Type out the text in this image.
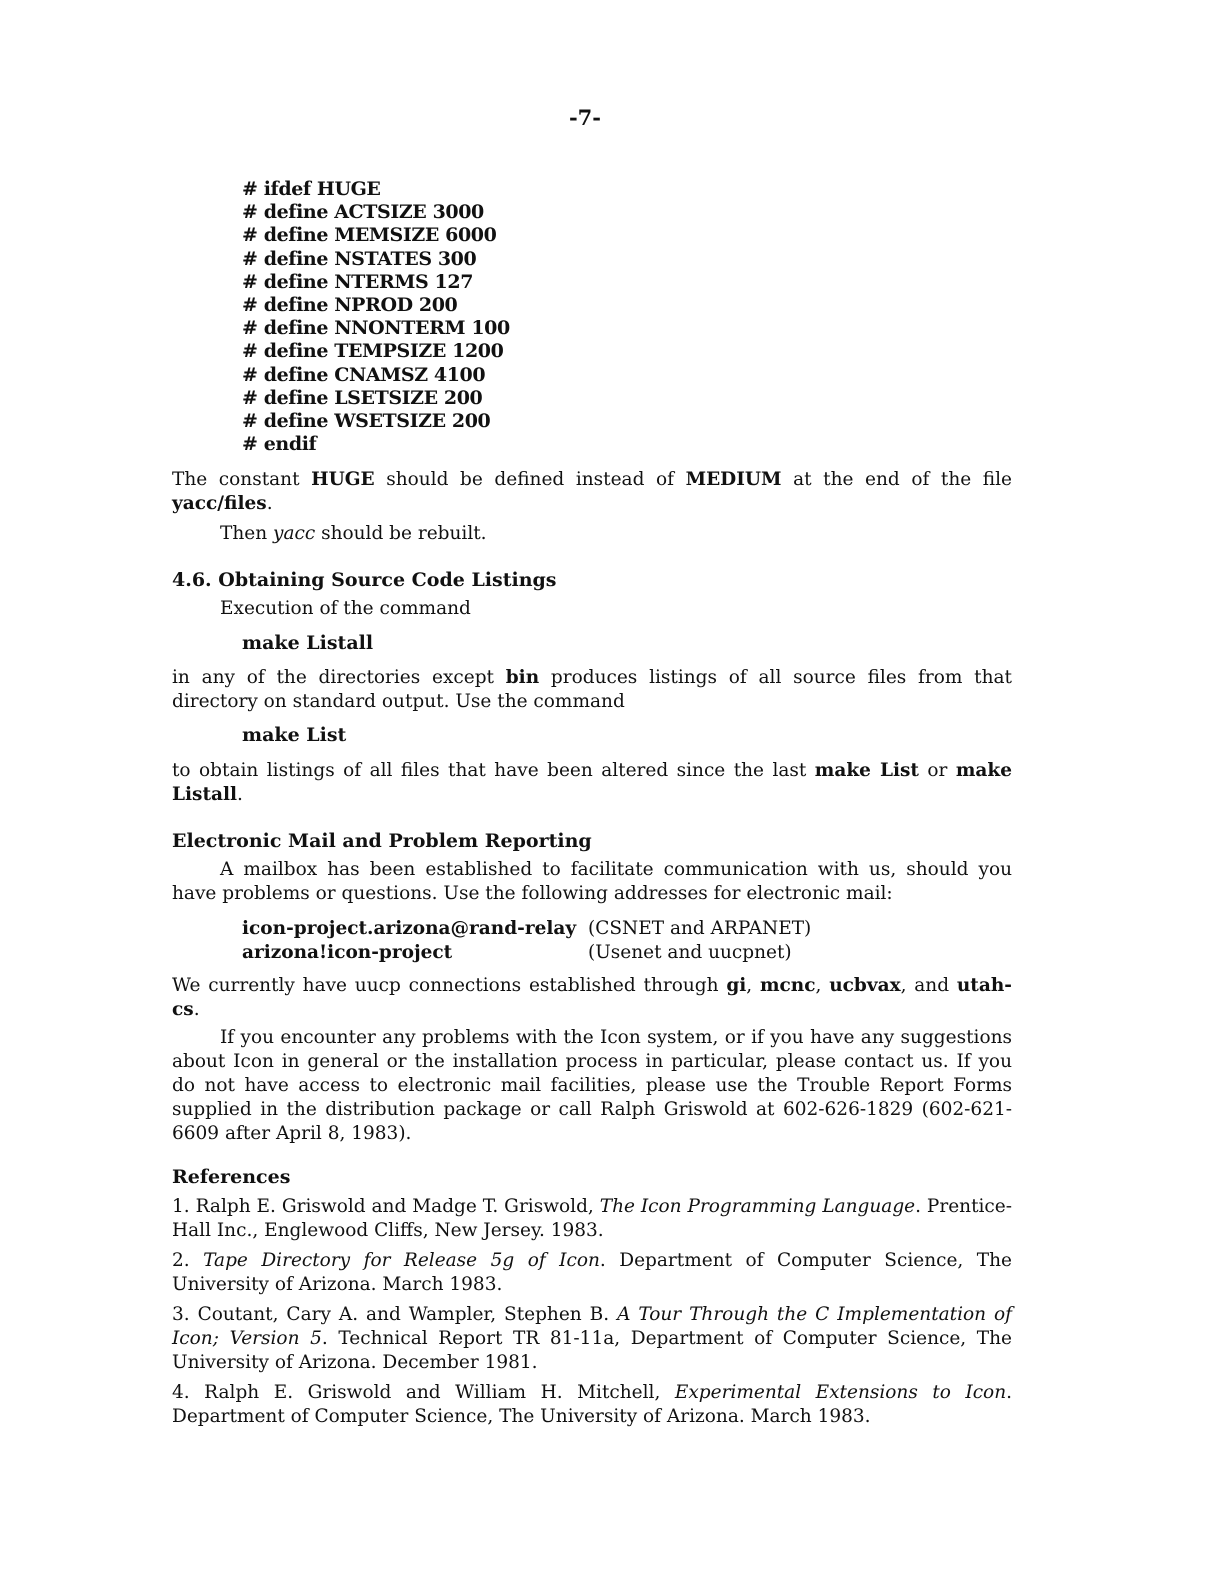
-7-
# ifdef HUGE
# define ACTSIZE 3000
# define MEMSIZE 6000
# define NSTATES 300
# define NTERMS 127
# define NPROD 200
# define NNONTERM 100
# define TEMPSIZE 1200
# define CNAMSZ 4100
# define LSETSIZE 200
# define WSETSIZE 200
# endif
The constant HUGE should be defined instead of MEDIUM at the end of the file yacc/files.
Then yacc should be rebuilt.
4.6. Obtaining Source Code Listings
Execution of the command
make Listall
in any of the directories except bin produces listings of all source files from that directory on standard output. Use the command
make List
to obtain listings of all files that have been altered since the last make List or make Listall.
Electronic Mail and Problem Reporting
A mailbox has been established to facilitate communication with us, should you have problems or questions. Use the following addresses for electronic mail:
icon-project.arizona@rand-relay (CSNET and ARPANET)
arizona!icon-project	(Usenet and uucpnet)
We currently have uucp connections established through gi, mcnc, ucbvax, and utah-cs.
If you encounter any problems with the Icon system, or if you have any suggestions about Icon in general or the installation process in particular, please contact us. If you do not have access to electronic mail facilities, please use the Trouble Report Forms supplied in the distribution package or call Ralph Griswold at 602-626-1829 (602-621-6609 after April 8, 1983).
References
1. Ralph E. Griswold and Madge T. Griswold, The Icon Programming Language. Prentice-Hall Inc., Englewood Cliffs, New Jersey. 1983.
2. Tape Directory for Release 5g of Icon. Department of Computer Science, The University of Arizona. March 1983.
3. Coutant, Cary A. and Wampler, Stephen B. A Tour Through the C Implementation of Icon; Version 5. Technical Report TR 81-11a, Department of Computer Science, The University of Arizona. December 1981.
4. Ralph E. Griswold and William H. Mitchell, Experimental Extensions to Icon. Department of Computer Science, The University of Arizona. March 1983.
